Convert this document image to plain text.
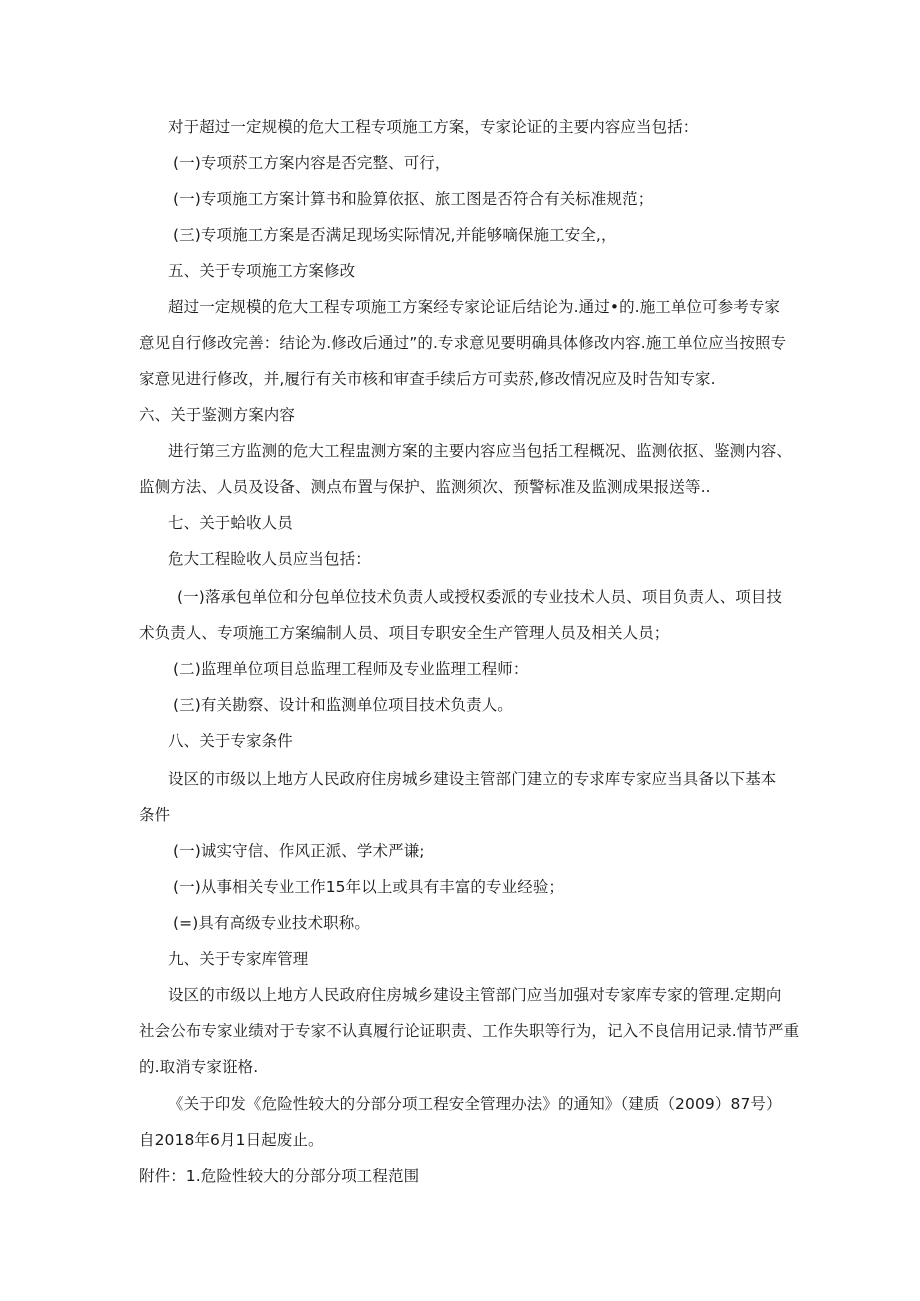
对于超过一定规模的危大工程专项施工方案，专家论证的主要内容应当包括：
(一)专项菸工方案内容是否完整、可行，
(一)专项施工方案计算书和脸算依抠、旅工图是否符合有关标准规范；
(三)专项施工方案是否满足现场实际情况,并能够嘀保施工安全,，
五、关于专项施工方案修改
超过一定规模的危大工程专项施工方案经专家论证后结论为.通过•的.施工单位可参考专家
意见自行修改完善：结论为.修改后通过”的.专求意见要明确具体修改内容.施工单位应当按照专
家意见进行修改，并,履行有关市核和审查手续后方可卖菸,修改情况应及时告知专家.
六、关于鉴测方案内容
进行第三方监测的危大工程盅测方案的主要内容应当包括工程概况、监测依抠、鉴测内容、
监侧方法、人员及设备、测点布置与保护、监测须次、预警标准及监测成果报送等..
七、关于蛤收人员
危大工程睑收人员应当包括：
(一)落承包单位和分包单位技术负责人或授权委派的专业技术人员、项目负责人、项目技
术负责人、专项施工方案编制人员、项目专职安全生产管理人员及相关人员；
(二)监理单位项目总监理工程师及专业监理工程师：
(三)有关勘察、设计和监测单位项目技术负责人。
八、关于专家条件
设区的市级以上地方人民政府住房城乡建设主管部门建立的专求库专家应当具备以下基本
条件
(一)诚实守信、作风正派、学术严谦;
(一)从事相关专业工作15年以上或具有丰富的专业经验；
(=)具有高级专业技术职称。
九、关于专家库管理
设区的市级以上地方人民政府住房城乡建设主管部门应当加强对专家库专家的管理.定期向
社会公布专家业绩对于专家不认真履行论证职责、工作失职等行为，记入不良信用记录.情节严重
的.取消专家诳格.
《关于印发《危险性较大的分部分项工程安全管理办法》的通知》（建质（2009）87号）
自2018年6月1日起废止。
附件：1.危险性较大的分部分项工程范围
